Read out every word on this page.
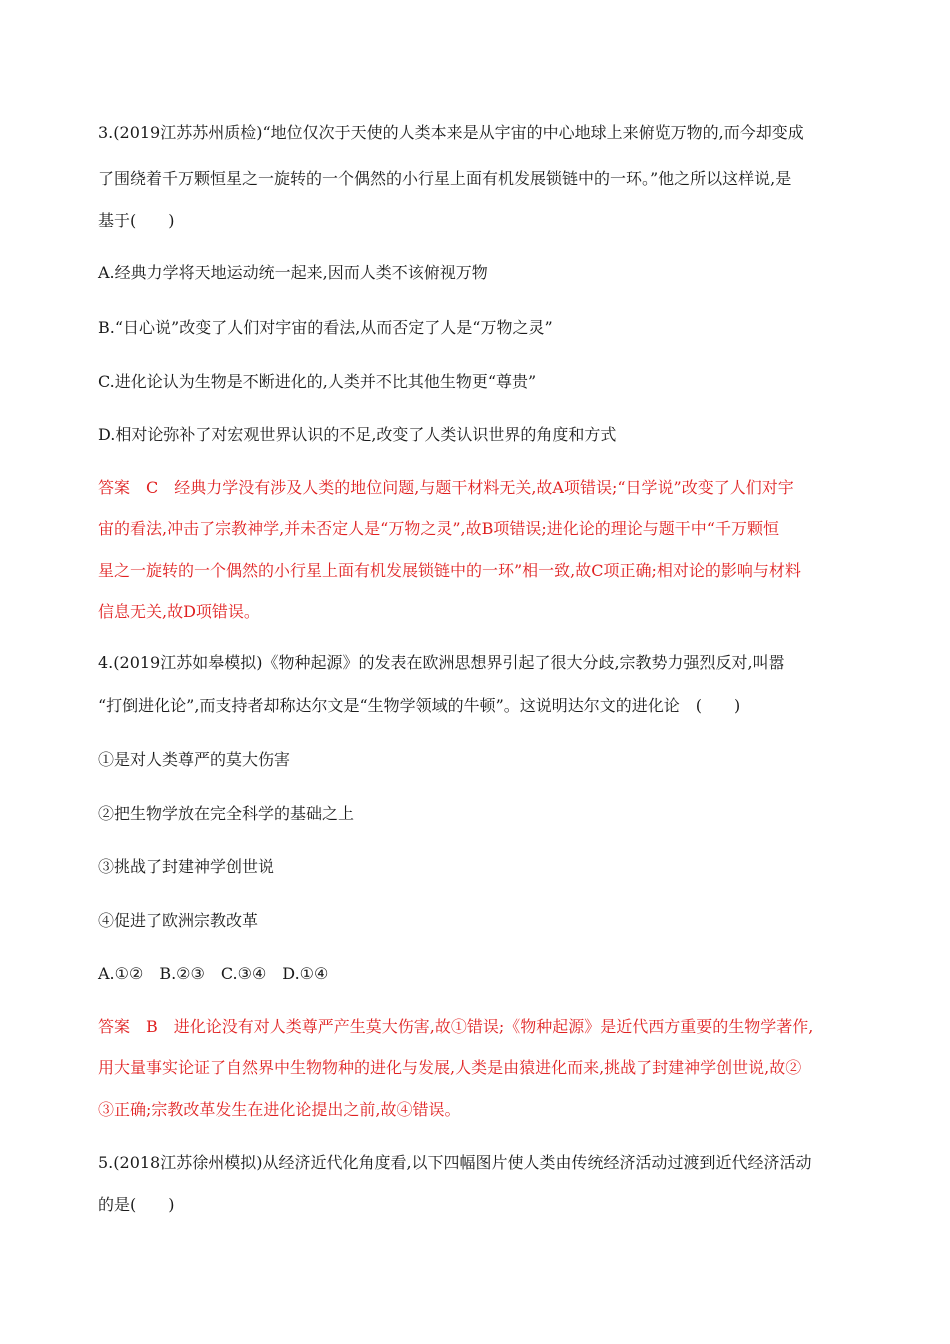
3.(2019江苏苏州质检)“地位仅次于天使的人类本来是从宇宙的中心地球上来俯览万物的,而今却变成

了围绕着千万颗恒星之一旋转的一个偶然的小行星上面有机发展锁链中的一环。”他之所以这样说,是

基于(　　)

A.经典力学将天地运动统一起来,因而人类不该俯视万物

B.“日心说”改变了人们对宇宙的看法,从而否定了人是“万物之灵”

C.进化论认为生物是不断进化的,人类并不比其他生物更“尊贵”

D.相对论弥补了对宏观世界认识的不足,改变了人类认识世界的角度和方式

答案　C　经典力学没有涉及人类的地位问题,与题干材料无关,故A项错误;“日学说”改变了人们对宇

宙的看法,冲击了宗教神学,并未否定人是“万物之灵”,故B项错误;进化论的理论与题干中“千万颗恒

星之一旋转的一个偶然的小行星上面有机发展锁链中的一环”相一致,故C项正确;相对论的影响与材料

信息无关,故D项错误。

4.(2019江苏如皋模拟)《物种起源》的发表在欧洲思想界引起了很大分歧,宗教势力强烈反对,叫嚣

“打倒进化论”,而支持者却称达尔文是“生物学领域的牛顿”。这说明达尔文的进化论　(　　)

①是对人类尊严的莫大伤害

②把生物学放在完全科学的基础之上

③挑战了封建神学创世说

④促进了欧洲宗教改革

A.①②　B.②③　C.③④　D.①④

答案　B　进化论没有对人类尊严产生莫大伤害,故①错误;《物种起源》是近代西方重要的生物学著作,

用大量事实论证了自然界中生物物种的进化与发展,人类是由猿进化而来,挑战了封建神学创世说,故②

③正确;宗教改革发生在进化论提出之前,故④错误。

5.(2018江苏徐州模拟)从经济近代化角度看,以下四幅图片使人类由传统经济活动过渡到近代经济活动

的是(　　)
